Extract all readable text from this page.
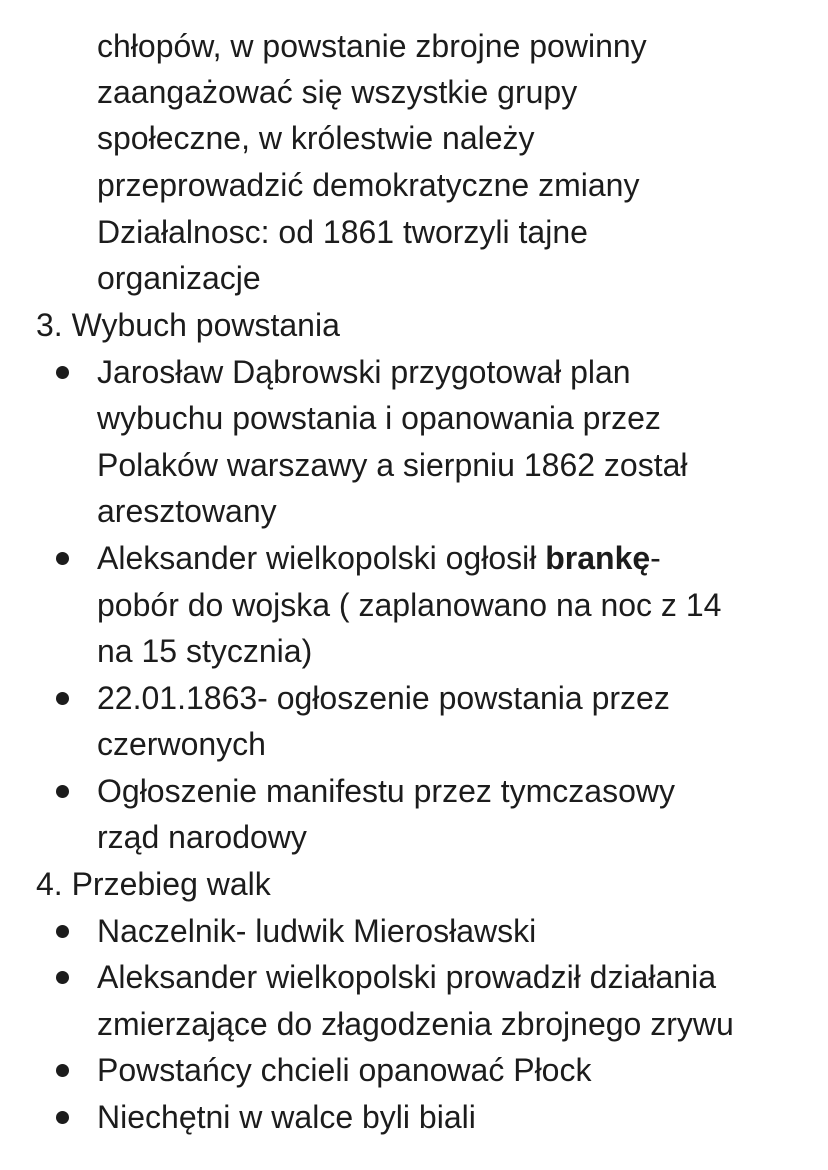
chłopów, w powstanie zbrojne powinny
zaangażować się wszystkie grupy
społeczne, w królestwie należy
przeprowadzić demokratyczne zmiany
Działalnosc: od 1861 tworzyli tajne
organizacje
3. Wybuch powstania
Jarosław Dąbrowski przygotował plan
wybuchu powstania i opanowania przez
Polaków warszawy a sierpniu 1862 został
aresztowany
Aleksander wielkopolski ogłosił brankę-
pobór do wojska ( zaplanowano na noc z 14
na 15 stycznia)
22.01.1863- ogłoszenie powstania przez
czerwonych
Ogłoszenie manifestu przez tymczasowy
rząd narodowy
4. Przebieg walk
Naczelnik- ludwik Mierosławski
Aleksander wielkopolski prowadził działania
zmierzające do złagodzenia zbrojnego zrywu
Powstańcy chcieli opanować Płock
Niechętni w walce byli biali
